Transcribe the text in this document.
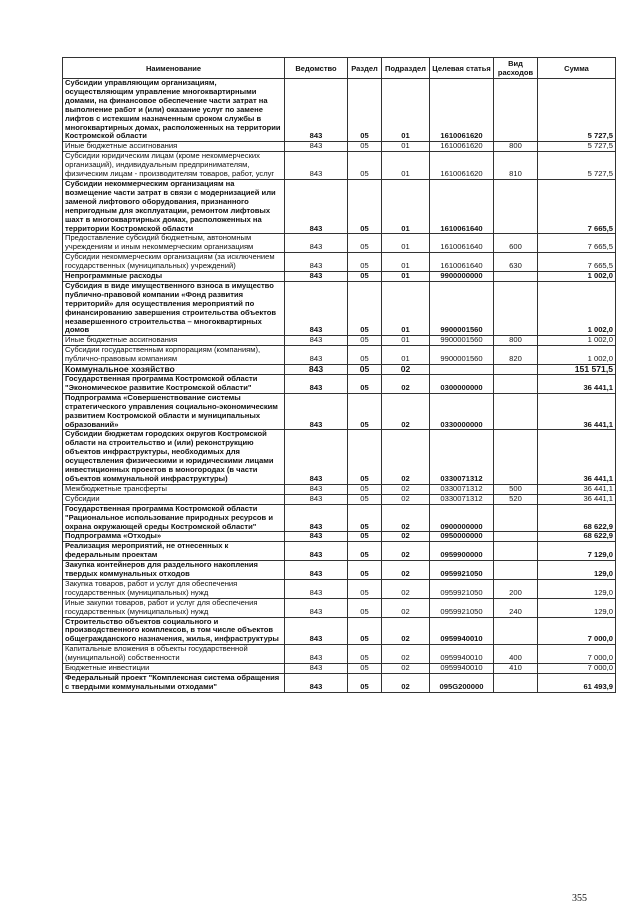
Наименование	Ведомство	Раздел	Подраздел	Целевая статья	Вид расходов	Сумма
Субсидии управляющим организациям, осуществляющим управление многоквартирными домами, на финансовое обеспечение части затрат на выполнение работ и (или) оказание услуг по замене лифтов с истекшим назначенным сроком службы в многоквартирных домах, расположенных на территории Костромской области	843	05	01	1610061620		5 727,5
Иные бюджетные ассигнования	843	05	01	1610061620	800	5 727,5
Субсидии юридическим лицам (кроме некоммерческих организаций), индивидуальным предпринимателям, физическим лицам - производителям товаров, работ, услуг	843	05	01	1610061620	810	5 727,5
Субсидии некоммерческим организациям на возмещение части затрат в связи с модернизацией или заменой лифтового оборудования, признанного непригодным для эксплуатации, ремонтом лифтовых шахт в многоквартирных домах, расположенных на территории Костромской области	843	05	01	1610061640		7 665,5
Предоставление субсидий бюджетным, автономным учреждениям и иным некоммерческим организациям	843	05	01	1610061640	600	7 665,5
Субсидии некоммерческим организациям (за исключением государственных (муниципальных) учреждений)	843	05	01	1610061640	630	7 665,5
Непрограммные расходы	843	05	01	9900000000		1 002,0
Субсидия в виде имущественного взноса в имущество публично-правовой компании «Фонд развития территорий» для осуществления мероприятий по финансированию завершения строительства объектов незавершенного строительства – многоквартирных домов	843	05	01	9900001560		1 002,0
Иные бюджетные ассигнования	843	05	01	9900001560	800	1 002,0
Субсидии государственным корпорациям (компаниям), публично-правовым компаниям	843	05	01	9900001560	820	1 002,0
Коммунальное хозяйство	843	05	02			151 571,5
Государственная программа Костромской области "Экономическое развитие Костромской области"	843	05	02	0300000000		36 441,1
Подпрограмма «Совершенствование системы стратегического управления социально-экономическим развитием Костромской области и муниципальных образований»	843	05	02	0330000000		36 441,1
Субсидии бюджетам городских округов Костромской области на строительство и (или) реконструкцию объектов инфраструктуры, необходимых для осуществления физическими и юридическими лицами инвестиционных проектов в моногородах (в части объектов коммунальной инфраструктуры)	843	05	02	0330071312		36 441,1
Межбюджетные трансферты	843	05	02	0330071312	500	36 441,1
Субсидии	843	05	02	0330071312	520	36 441,1
Государственная программа Костромской области "Рациональное использование природных ресурсов и охрана окружающей среды Костромской области"	843	05	02	0900000000		68 622,9
Подпрограмма «Отходы»	843	05	02	0950000000		68 622,9
Реализация мероприятий, не отнесенных к федеральным проектам	843	05	02	0959900000		7 129,0
Закупка контейнеров для раздельного накопления твердых коммунальных отходов	843	05	02	0959921050		129,0
Закупка товаров, работ и услуг для обеспечения государственных (муниципальных) нужд	843	05	02	0959921050	200	129,0
Иные закупки товаров, работ и услуг для обеспечения государственных (муниципальных) нужд	843	05	02	0959921050	240	129,0
Строительство объектов социального и производственного комплексов, в том числе объектов общегражданского назначения, жилья, инфраструктуры	843	05	02	0959940010		7 000,0
Капитальные вложения в объекты государственной (муниципальной) собственности	843	05	02	0959940010	400	7 000,0
Бюджетные инвестиции	843	05	02	0959940010	410	7 000,0
Федеральный проект "Комплексная система обращения с твердыми коммунальными отходами"	843	05	02	095G200000		61 493,9
355
